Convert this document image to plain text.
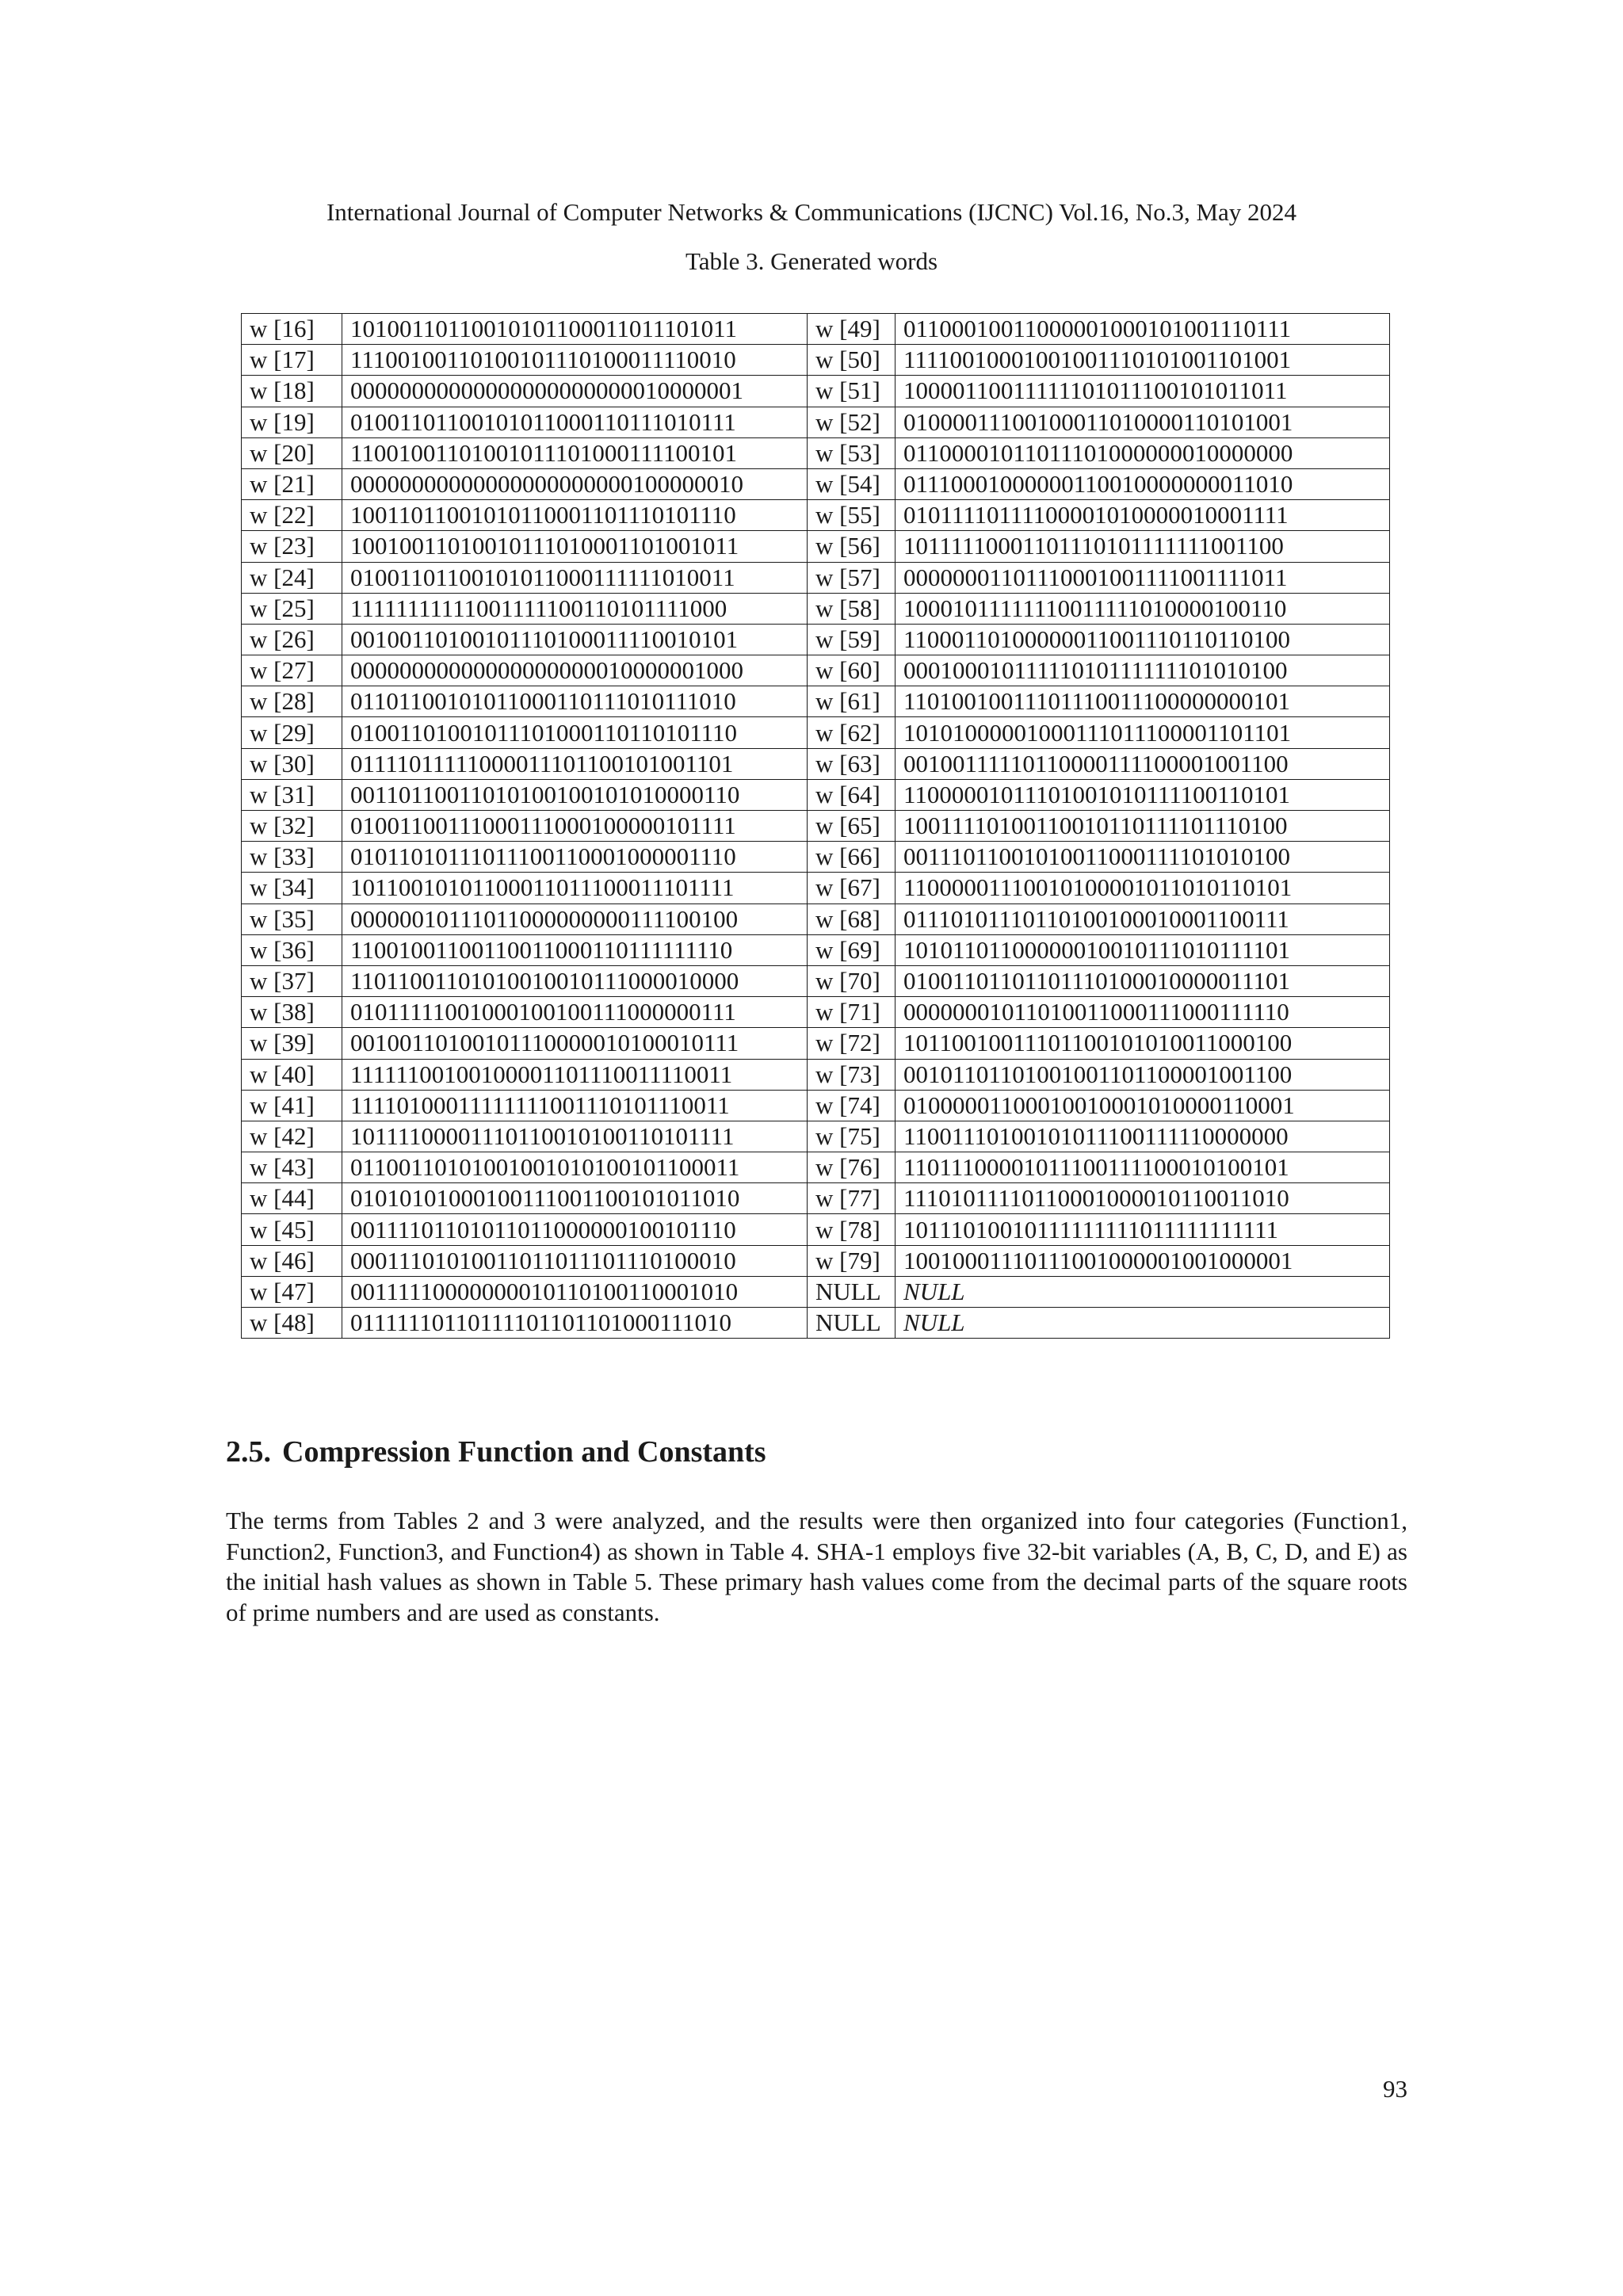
International Journal of Computer Networks & Communications (IJCNC) Vol.16, No.3, May 2024
Table 3. Generated words
w [16]	10100110110010101100011011101011	w [49]	01100010011000001000101001110111
w [17]	11100100110100101110100011110010	w [50]	11110010001001001110101001101001
w [18]	00000000000000000000000010000001	w [51]	10000110011111101011100101011011
w [19]	01001101100101011000110111010111	w [52]	01000011100100011010000110101001
w [20]	11001001101001011101000111100101	w [53]	01100001011011101000000010000000
w [21]	00000000000000000000000100000010	w [54]	01110001000000110010000000011010
w [22]	10011011001010110001101110101110	w [55]	01011110111100001010000010001111
w [23]	10010011010010111010001101001011	w [56]	10111110001101110101111111001100
w [24]	01001101100101011000111111010011	w [57]	00000001101110001001111001111011
w [25]	11111111111001111100110101111000	w [58]	10001011111110011111010000100110
w [26]	00100110100101110100011110010101	w [59]	11000110100000011001110110110100
w [27]	00000000000000000000010000001000	w [60]	00010001011111010111111101010100
w [28]	01101100101011000110111010111010	w [61]	11010010011101110011100000000101
w [29]	01001101001011101000110110101110	w [62]	10101000001000111011100001101101
w [30]	01111011111000011101100101001101	w [63]	00100111110110000111100001001100
w [31]	00110110011010100100101010000110	w [64]	11000001011101001010111100110101
w [32]	01001100111000111000100000101111	w [65]	10011110100110010110111101110100
w [33]	01011010111011100110001000001110	w [66]	00111011001010011000111101010100
w [34]	10110010101100011011100011101111	w [67]	11000001110010100001011010110101
w [35]	00000010111011000000000111100100	w [68]	01110101110110100100010001100111
w [36]	11001001100110011000110111111110	w [69]	10101101100000010010111010111101
w [37]	11011001101010010010111000010000	w [70]	01001101101101110100010000011101
w [38]	01011111001000100100111000000111	w [71]	00000001011010011000111000111110
w [39]	00100110100101110000010100010111	w [72]	10110010011101100101010011000100
w [40]	11111100100100001101110011110011	w [73]	00101101101001001101100001001100
w [41]	11110100011111111001110101110011	w [74]	01000001100010010001010000110001
w [42]	10111100001110110010100110101111	w [75]	11001110100101011100111110000000
w [43]	01100110101001001010100101100011	w [76]	11011100001011100111100010100101
w [44]	01010101000100111001100101011010	w [77]	11101011110110001000010110011010
w [45]	00111101101011011000000100101110	w [78]	10111010010111111111011111111111
w [46]	00011101010011011011101110100010	w [79]	10010001110111001000001001000001
w [47]	00111110000000010110100110001010	NULL	NULL
w [48]	01111110110111101101101000111010	NULL	NULL
2.5. Compression Function and Constants
The terms from Tables 2 and 3 were analyzed, and the results were then organized into four categories (Function1, Function2, Function3, and Function4) as shown in Table 4. SHA-1 employs five 32-bit variables (A, B, C, D, and E) as the initial hash values as shown in Table 5. These primary hash values come from the decimal parts of the square roots of prime numbers and are used as constants.
93
